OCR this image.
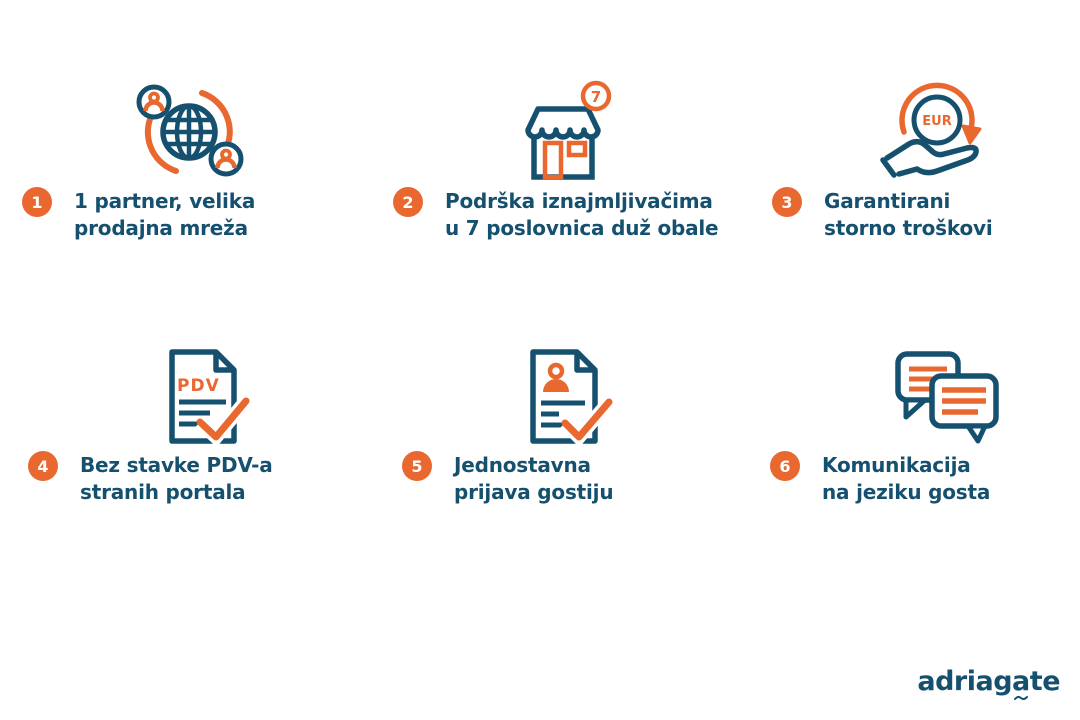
1	1 partner, velika
prodajna mreža
7
2	Podrška iznajmljivačima
u 7 poslovnica duž obale
EUR
3	Garantirani
storno troškovi
PDV
4	Bez stavke PDV-a
stranih portala
5	Jednostavna
prijava gostiju
6	Komunikacija
na jeziku gosta
adriaga
te
